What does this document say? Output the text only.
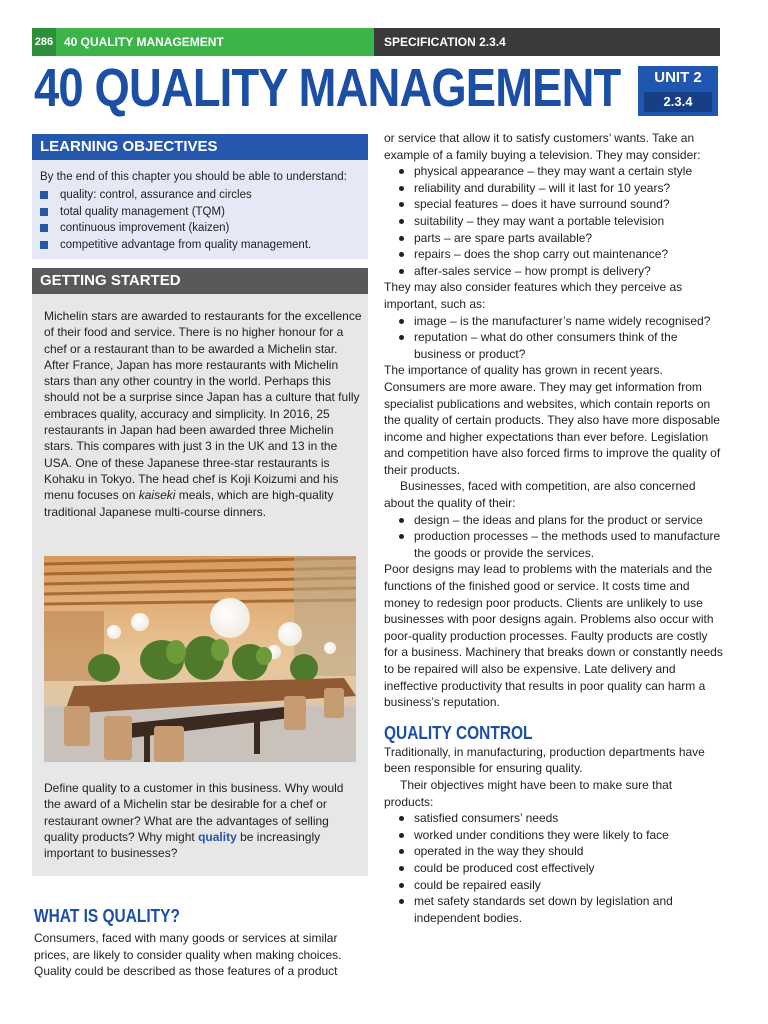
286 40 QUALITY MANAGEMENT	SPECIFICATION 2.3.4
40 QUALITY MANAGEMENT	UNIT 2
2.3.4
LEARNING OBJECTIVES
By the end of this chapter you should be able to understand:
quality: control, assurance and circles
total quality management (TQM)
continuous improvement (kaizen)
competitive advantage from quality management.
GETTING STARTED
Michelin stars are awarded to restaurants for the excellence of their food and service. There is no higher honour for a chef or a restaurant than to be awarded a Michelin star. After France, Japan has more restaurants with Michelin stars than any other country in the world. Perhaps this should not be a surprise since Japan has a culture that fully embraces quality, accuracy and simplicity. In 2016, 25 restaurants in Japan had been awarded three Michelin stars. This compares with just 3 in the UK and 13 in the USA. One of these Japanese three-star restaurants is Kohaku in Tokyo. The head chef is Koji Koizumi and his menu focuses on kaiseki meals, which are high-quality traditional Japanese multi-course dinners.
Define quality to a customer in this business. Why would the award of a Michelin star be desirable for a chef or restaurant owner? What are the advantages of selling quality products? Why might quality be increasingly important to businesses?
WHAT IS QUALITY?
Consumers, faced with many goods or services at similar prices, are likely to consider quality when making choices. Quality could be described as those features of a product

or service that allow it to satisfy customers’ wants. Take an example of a family buying a television. They may consider:

physical appearance – they may want a certain style
reliability and durability – will it last for 10 years?
special features – does it have surround sound?
suitability – they may want a portable television
parts – are spare parts available?
repairs – does the shop carry out maintenance?
after-sales service – how prompt is delivery?

They may also consider features which they perceive as important, such as:

image – is the manufacturer’s name widely recognised?
reputation – what do other consumers think of the business or product?

The importance of quality has grown in recent years. Consumers are more aware. They may get information from specialist publications and websites, which contain reports on the quality of certain products. They also have more disposable income and higher expectations than ever before. Legislation and competition have also forced firms to improve the quality of their products.

Businesses, faced with competition, are also concerned about the quality of their:

design – the ideas and plans for the product or service
production processes – the methods used to manufacture the goods or provide the services.

Poor designs may lead to problems with the materials and the functions of the finished good or service. It costs time and money to redesign poor products. Clients are unlikely to use businesses with poor designs again. Problems also occur with poor-quality production processes. Faulty products are costly for a business. Machinery that breaks down or constantly needs to be repaired will also be expensive. Late delivery and ineffective productivity that results in poor quality can harm a business’s reputation.

QUALITY CONTROL

Traditionally, in manufacturing, production departments have been responsible for ensuring quality.

Their objectives might have been to make sure that products:

satisfied consumers’ needs
worked under conditions they were likely to face
operated in the way they should
could be produced cost effectively
could be repaired easily
met safety standards set down by legislation and independent bodies.
